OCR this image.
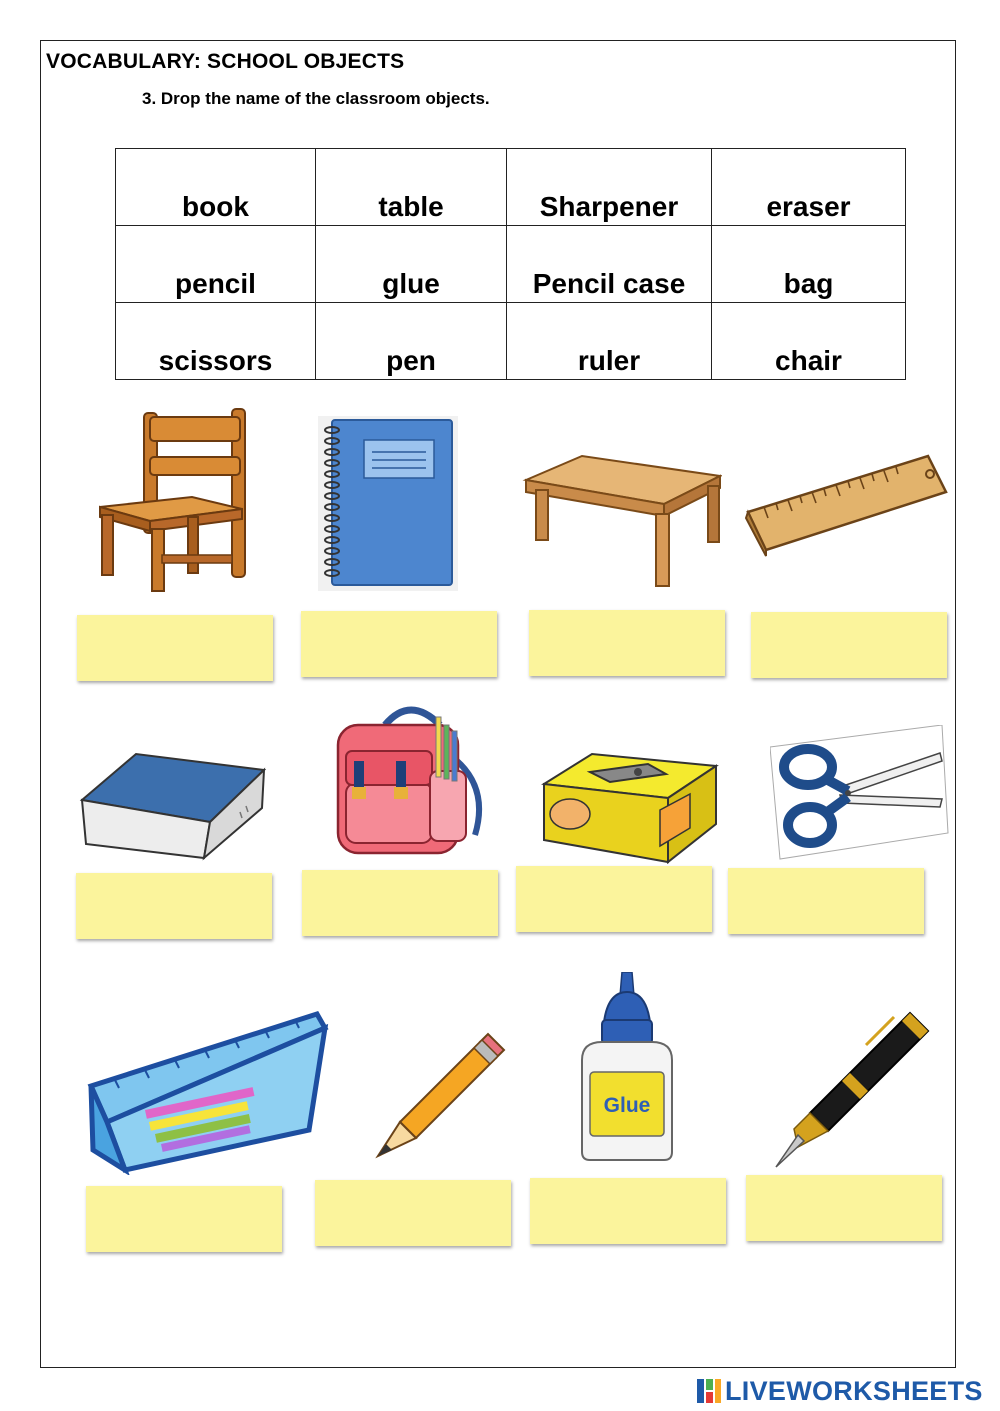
VOCABULARY: SCHOOL OBJECTS
3. Drop the name of the classroom objects.
book	table	Sharpener	eraser
pencil	glue	Pencil case	bag
scissors	pen	ruler	chair
Glue
LIVEWORKSHEETS
